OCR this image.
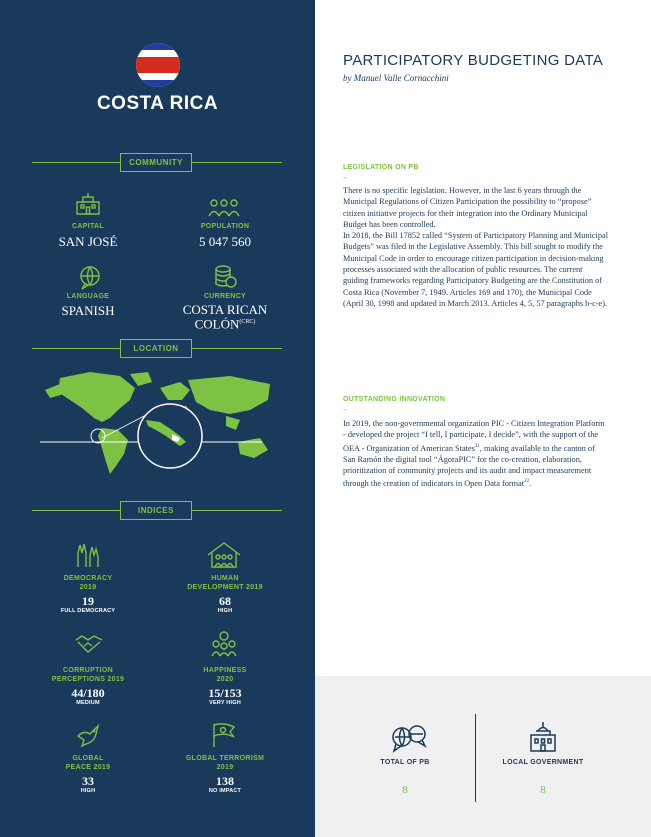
COSTA RICA
COMMUNITY
CAPITAL
SAN JOSÉ
POPULATION
5 047 560
LANGUAGE
SPANISH
CURRENCY
COSTA RICAN
$COLÓN^{(CRC)}$
LOCATION
INDICES
DEMOCRACY
2019
19
FULL DEMOCRACY
HUMAN
DEVELOPMENT 2019
68
HIGH
CORRUPTION
PERCEPTIONS 2019
44/180
MEDIUM
HAPPINESS
2020
15/153
VERY HIGH
GLOBAL
PEACE 2019
33
HIGH
GLOBAL TERRORISM
2019
138
NO IMPACT
PARTICIPATORY BUDGETING DATA
by Manuel Valle Cornacchini
LEGISLATION ON PB
–

There is no specific legislation. However, in the last 6 years through the Municipal Regulations of Citizen Participation the possibility to “propose” citizen initiative projects for their integration into the Ordinary Municipal Budget has been controlled.

In 2018, the Bill 17852 called “System of Participatory Planning and Municipal Budgets” was filed in the Legislative Assembly. This bill sought to modify the Municipal Code in order to encourage citizen participation in decision-making processes associated with the allocation of public resources. The current guiding frameworks regarding Participatory Budgeting are the Constitution of Costa Rica (November 7, 1949. Articles 169 and 170), the Municipal Code (April 30, 1998 and updated in March 2013. Articles 4, 5, 57 paragraphs b-c-e).

OUTSTANDING INNOVATION
–

In 2019, the non-governmental organization PIC - Citizen Integration Platform - developed the project “I tell, I participate, I decide”, with the support of the OEA - Organization of American States$^{21}$, making available to the canton of San Ramón the digital tool “ÁgoraPIC” for the co-creation, elaboration, prioritization of community projects and its audit and impact measurement through the creation of indicators in Open Data format$^{22}$.

TOTAL OF PB
8
LOCAL GOVERNMENT
8
